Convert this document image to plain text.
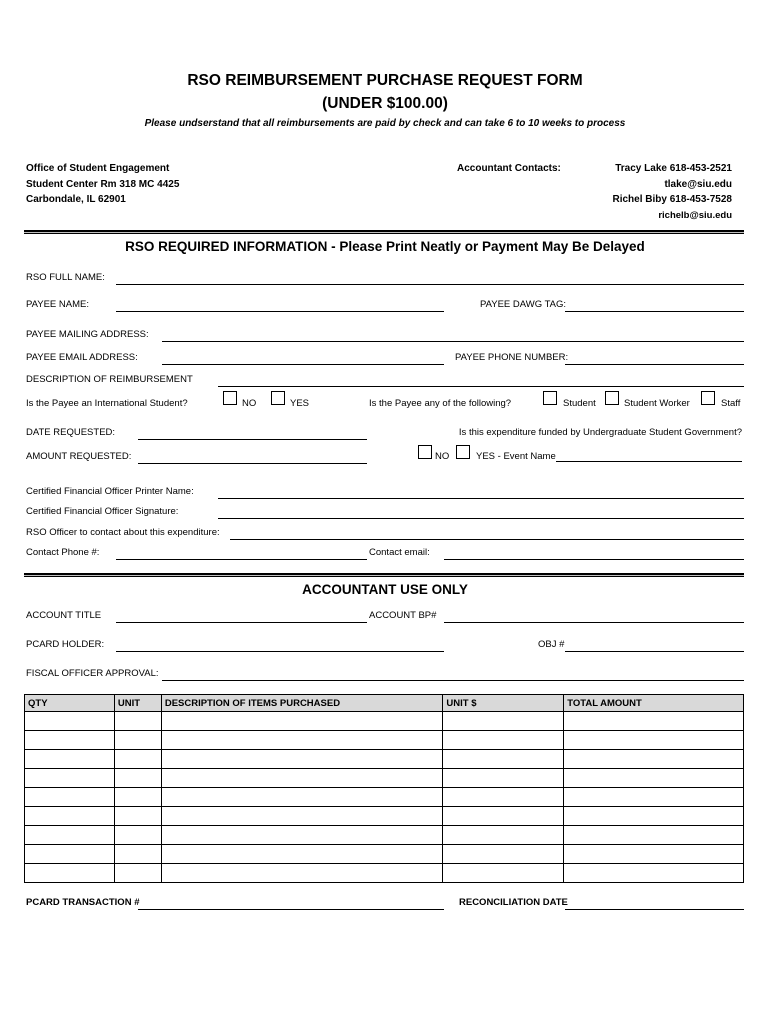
RSO REIMBURSEMENT PURCHASE REQUEST FORM
(UNDER $100.00)
Please undserstand that all reimbursements are paid by check and can take 6 to 10 weeks to process
Office of Student Engagement
Student Center Rm 318 MC 4425
Carbondale, IL 62901
Accountant Contacts:	Tracy Lake 618-453-2521
tlake@siu.edu
Richel Biby 618-453-7528
richelb@siu.edu
RSO REQUIRED INFORMATION - Please Print Neatly or Payment May Be Delayed
RSO FULL NAME:
PAYEE NAME:	PAYEE DAWG TAG:
PAYEE MAILING ADDRESS:
PAYEE EMAIL ADDRESS:	PAYEE PHONE NUMBER:
DESCRIPTION OF REIMBURSEMENT
Is the Payee an International Student?	NO	YES	Is the Payee any of the following?	Student	Student Worker	Staff
DATE REQUESTED:	Is this expenditure funded by Undergraduate Student Government?
AMOUNT REQUESTED:	NO	YES - Event Name
Certified Financial Officer Printer Name:
Certified Financial Officer Signature:
RSO Officer to contact about this expenditure:
Contact Phone #:	Contact email:
ACCOUNTANT USE ONLY
ACCOUNT TITLE	ACCOUNT BP#
PCARD HOLDER:	OBJ #
FISCAL OFFICER APPROVAL:
QTY	UNIT	DESCRIPTION OF ITEMS PURCHASED	UNIT $	TOTAL AMOUNT

PCARD TRANSACTION #	RECONCILIATION DATE
